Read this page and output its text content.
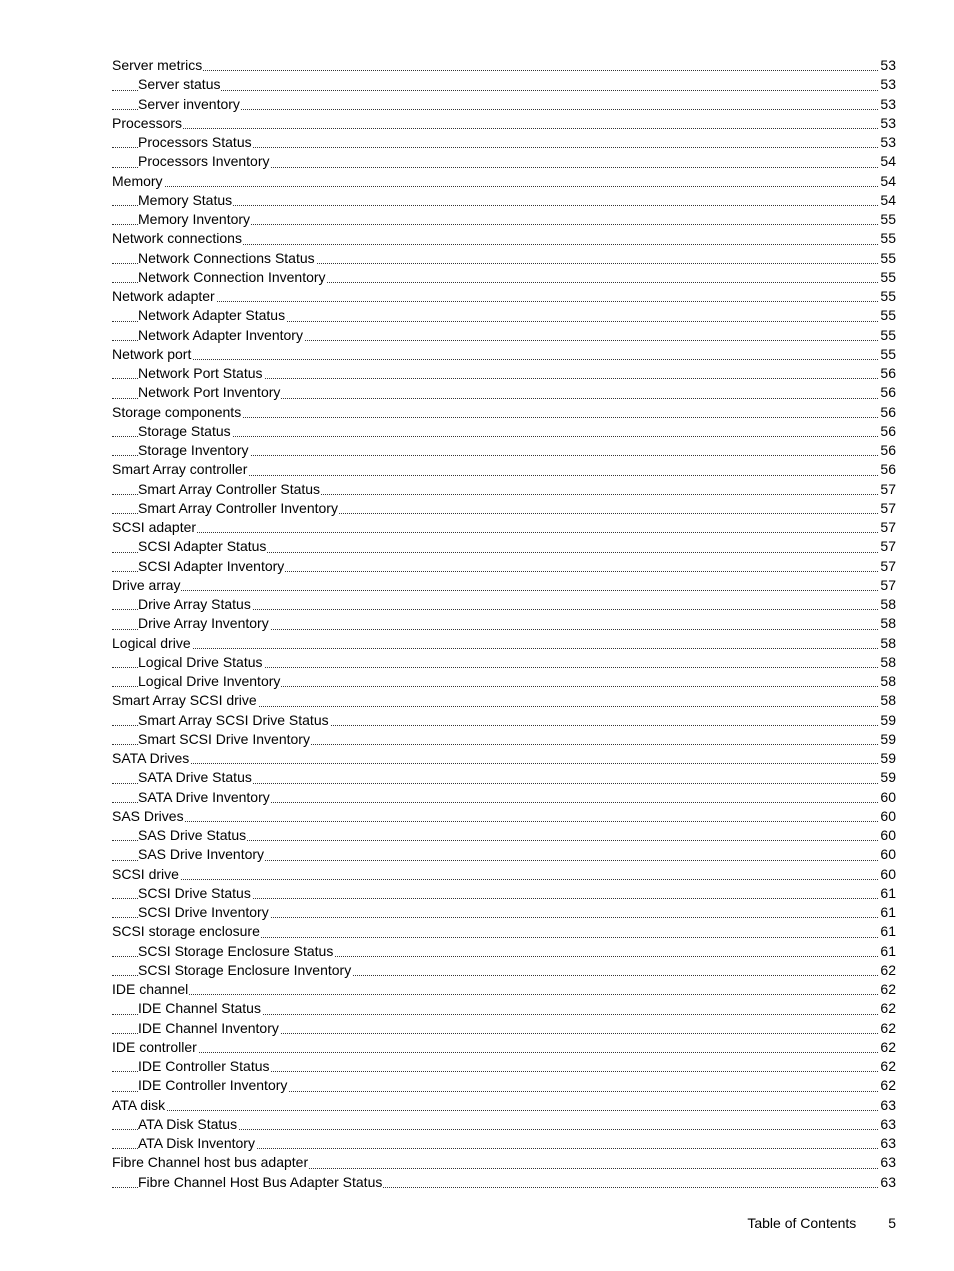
Server metrics	53
Server status	53
Server inventory	53
Processors	53
Processors Status	53
Processors Inventory	54
Memory	54
Memory Status	54
Memory Inventory	55
Network connections	55
Network Connections Status	55
Network Connection Inventory	55
Network adapter	55
Network Adapter Status	55
Network Adapter Inventory	55
Network port	55
Network Port Status	56
Network Port Inventory	56
Storage components	56
Storage Status	56
Storage Inventory	56
Smart Array controller	56
Smart Array Controller Status	57
Smart Array Controller Inventory	57
SCSI adapter	57
SCSI Adapter Status	57
SCSI Adapter Inventory	57
Drive array	57
Drive Array Status	58
Drive Array Inventory	58
Logical drive	58
Logical Drive Status	58
Logical Drive Inventory	58
Smart Array SCSI drive	58
Smart Array SCSI Drive Status	59
Smart SCSI Drive Inventory	59
SATA Drives	59
SATA Drive Status	59
SATA Drive Inventory	60
SAS Drives	60
SAS Drive Status	60
SAS Drive Inventory	60
SCSI drive	60
SCSI Drive Status	61
SCSI Drive Inventory	61
SCSI storage enclosure	61
SCSI Storage Enclosure Status	61
SCSI Storage Enclosure Inventory	62
IDE channel	62
IDE Channel Status	62
IDE Channel Inventory	62
IDE controller	62
IDE Controller Status	62
IDE Controller Inventory	62
ATA disk	63
ATA Disk Status	63
ATA Disk Inventory	63
Fibre Channel host bus adapter	63
Fibre Channel Host Bus Adapter Status	63
Table of Contents 5
